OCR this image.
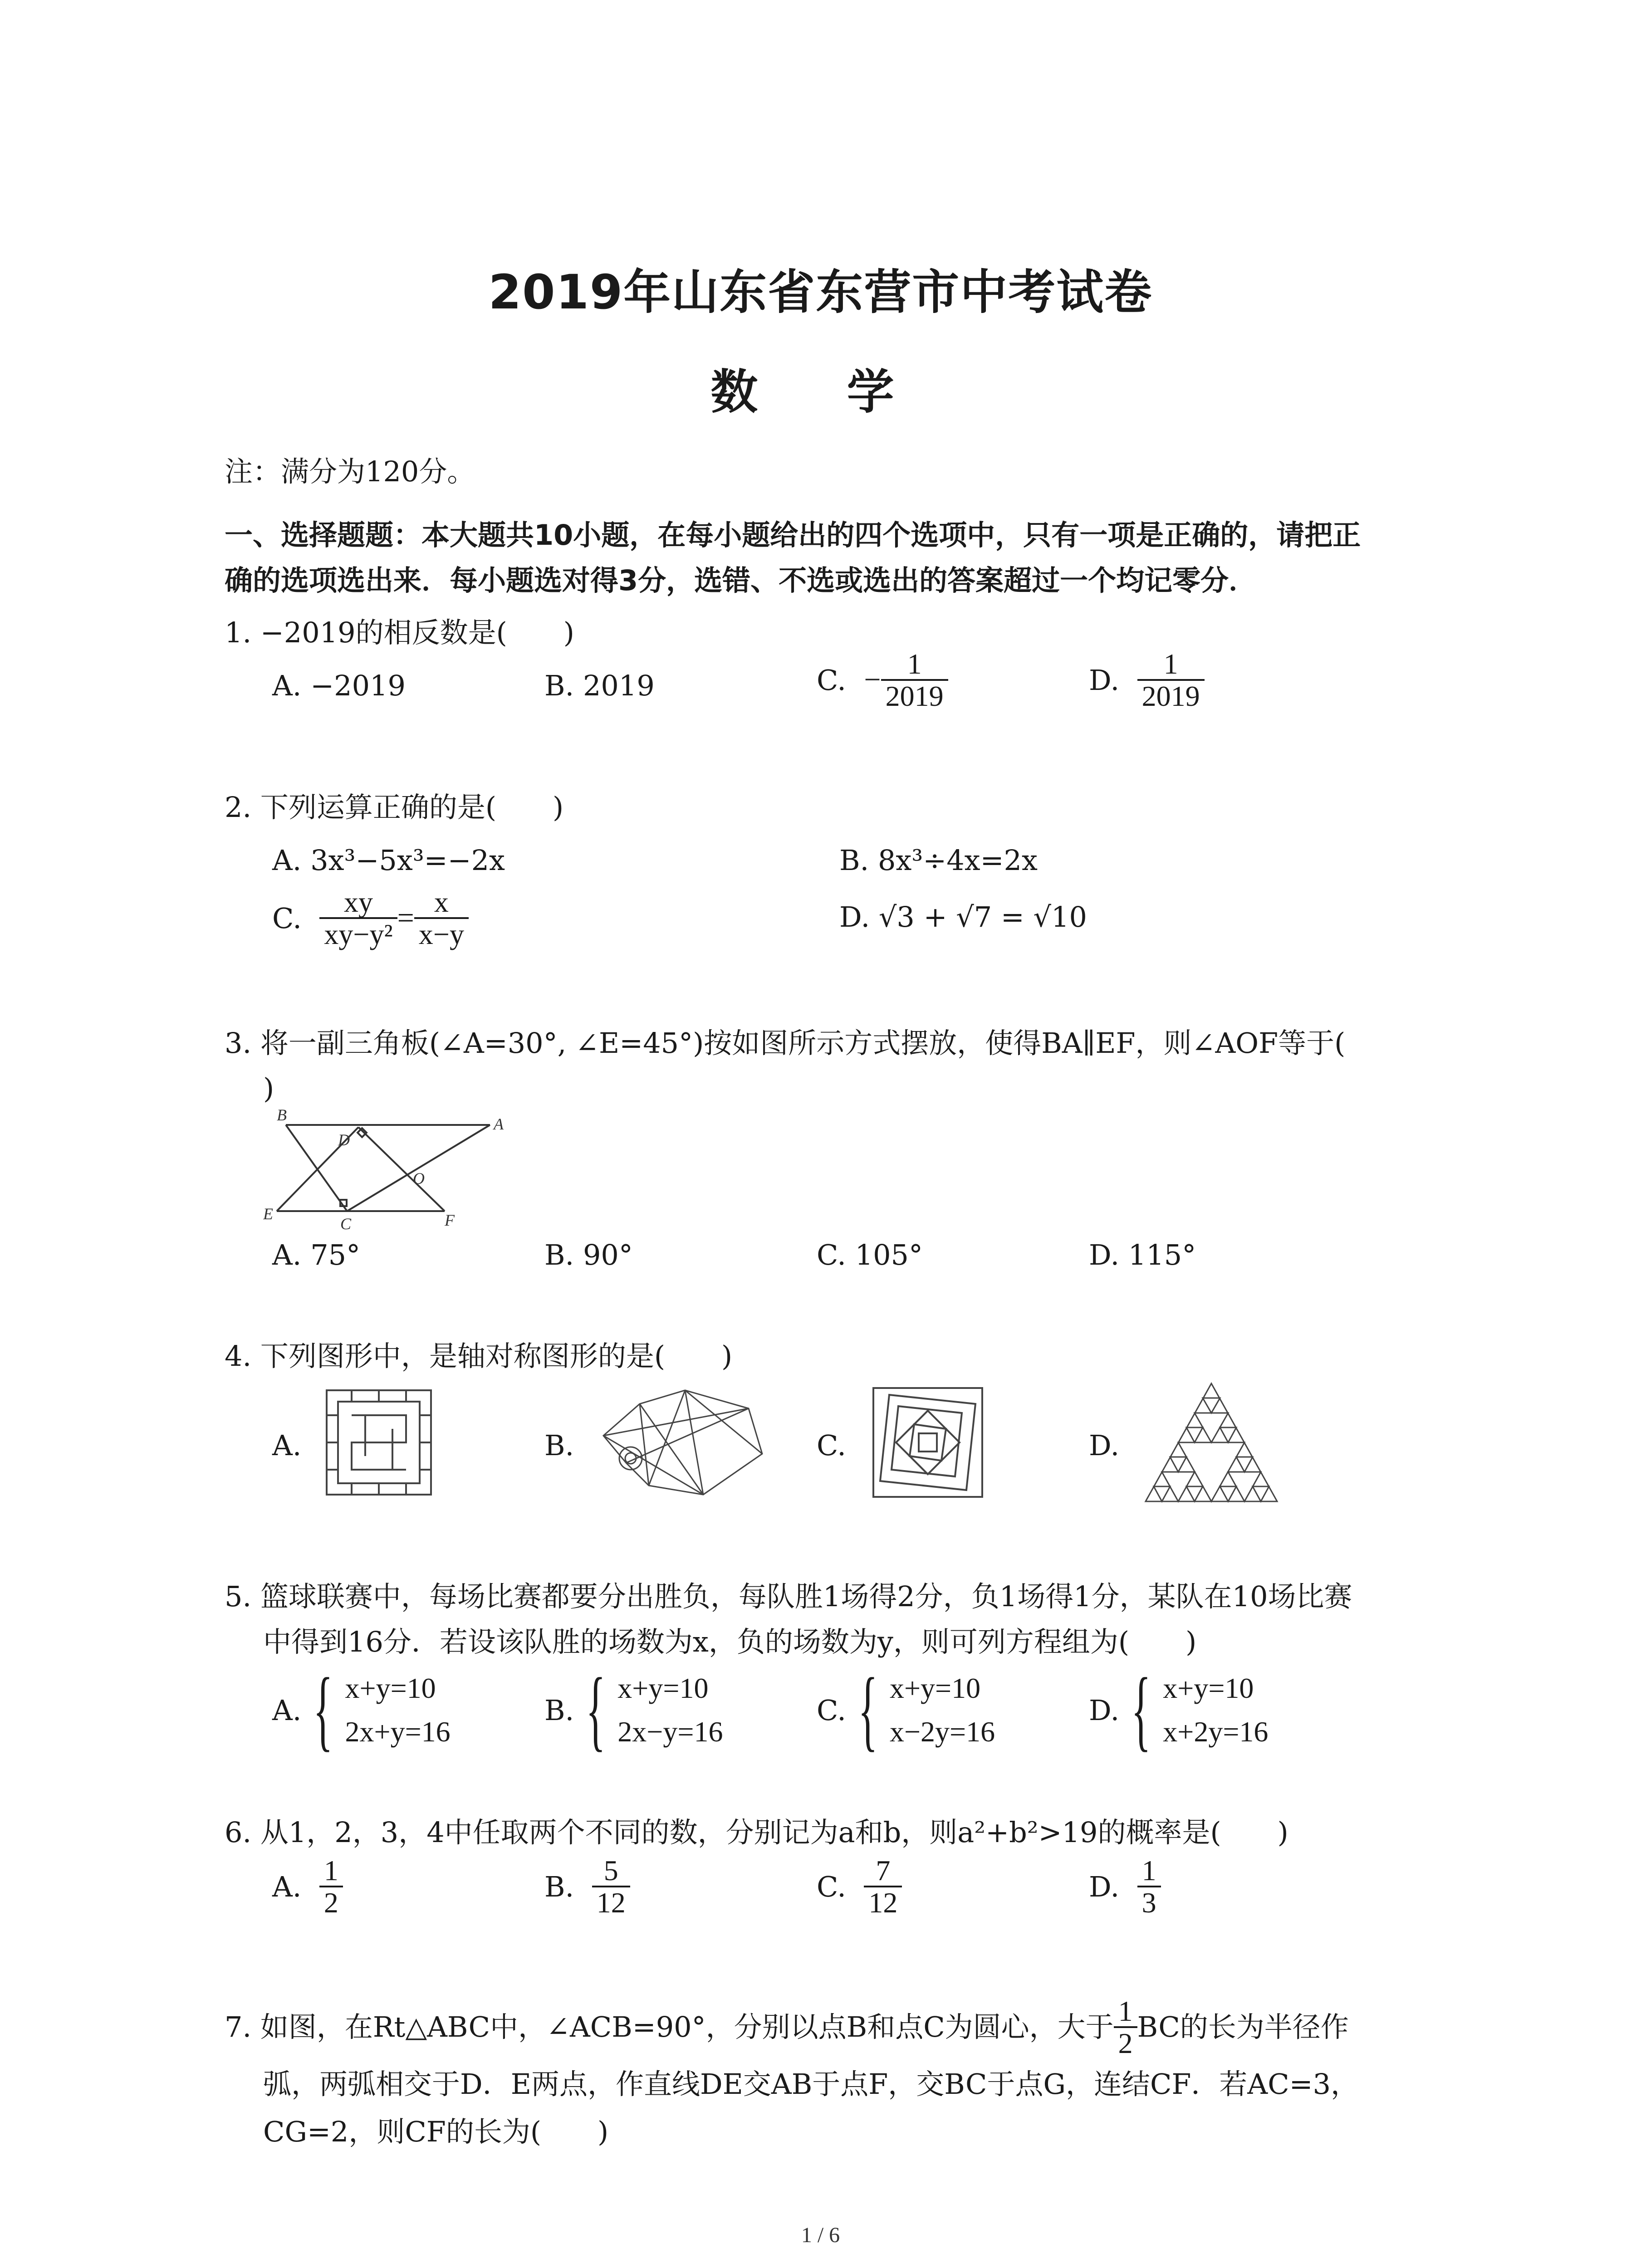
2019年山东省东营市中考试卷
数 学
注：满分为120分。
一、选择题题：本大题共10小题，在每小题给出的四个选项中，只有一项是正确的，请把正
确的选项选出来．每小题选对得3分，选错、不选或选出的答案超过一个均记零分．
1. −2019的相反数是(　　)
A. −2019	B. 2019	C.
− $\frac{1}{2019}$	D.
$\frac{1}{2019}$
2. 下列运算正确的是(　　)
A. 3x³−5x³=−2x	B. 8x³÷4x=2x
C.
$\frac{xy}{\text{xy−y²}} = \frac{x}{x-y}$	D. √3 + √7 = √10
3. 将一副三角板(∠A=30°, ∠E=45°)按如图所示方式摆放，使得BA∥EF，则∠AOF等于(
)
B	A
D
O
E
C	F
A. 75°	B. 90°	C. 105°	D. 115°
4. 下列图形中，是轴对称图形的是(　　)
A.	B.	C.	D.
5. 篮球联赛中，每场比赛都要分出胜负，每队胜1场得2分，负1场得1分，某队在10场比赛
中得到16分．若设该队胜的场数为x，负的场数为y，则可列方程组为(　　)
A. { x+y=10
2x+y=16
B. { x+y=10
2x−y=16
C. { x+y=10
x−2y=16
D. { x+y=10
x+2y=16
6. 从1，2，3，4中任取两个不同的数，分别记为a和b，则a²+b²>19的概率是(　　)
A.
$\frac{1}{2}$	B.
$\frac{5}{12}$	C.
$\frac{7}{12}$	D.
$\frac{1}{3}$
7. 如图，在Rt△ABC中，∠ACB=90°，分别以点B和点C为圆心，大于 $\frac{1}{2}$ BC的长为半径作
弧，两弧相交于D．E两点，作直线DE交AB于点F，交BC于点G，连结CF．若AC=3，
CG=2，则CF的长为(　　)
1 / 6
